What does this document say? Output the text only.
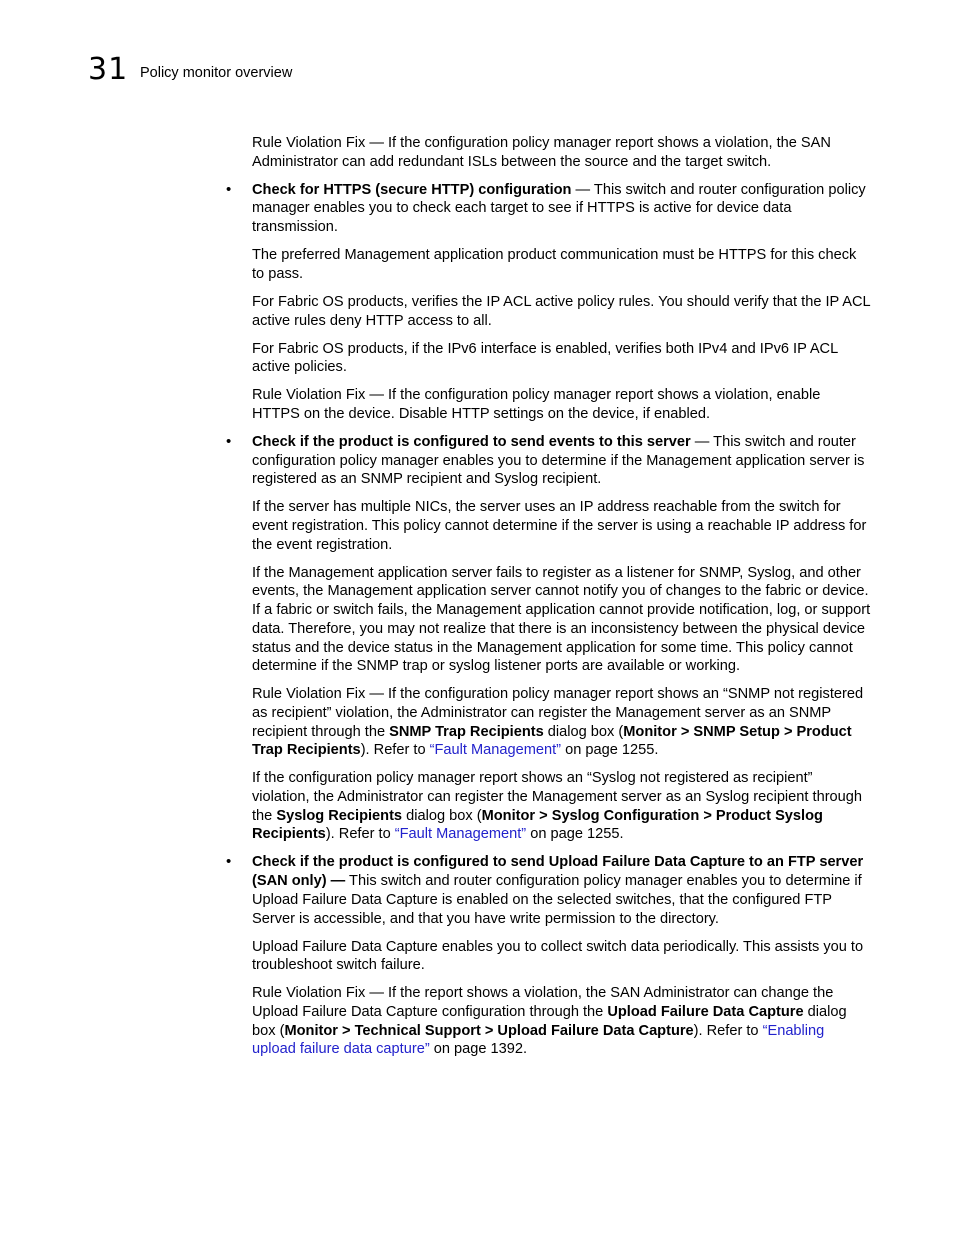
31 Policy monitor overview

Rule Violation Fix — If the configuration policy manager report shows a violation, the SAN Administrator can add redundant ISLs between the source and the target switch.

• Check for HTTPS (secure HTTP) configuration — This switch and router configuration policy manager enables you to check each target to see if HTTPS is active for device data transmission.

The preferred Management application product communication must be HTTPS for this check to pass.

For Fabric OS products, verifies the IP ACL active policy rules. You should verify that the IP ACL active rules deny HTTP access to all.

For Fabric OS products, if the IPv6 interface is enabled, verifies both IPv4 and IPv6 IP ACL active policies.

Rule Violation Fix — If the configuration policy manager report shows a violation, enable HTTPS on the device. Disable HTTP settings on the device, if enabled.

• Check if the product is configured to send events to this server — This switch and router configuration policy manager enables you to determine if the Management application server is registered as an SNMP recipient and Syslog recipient.

If the server has multiple NICs, the server uses an IP address reachable from the switch for event registration. This policy cannot determine if the server is using a reachable IP address for the event registration.

If the Management application server fails to register as a listener for SNMP, Syslog, and other events, the Management application server cannot notify you of changes to the fabric or device. If a fabric or switch fails, the Management application cannot provide notification, log, or support data. Therefore, you may not realize that there is an inconsistency between the physical device status and the device status in the Management application for some time. This policy cannot determine if the SNMP trap or syslog listener ports are available or working.

Rule Violation Fix — If the configuration policy manager report shows an “SNMP not registered as recipient” violation, the Administrator can register the Management server as an SNMP recipient through the SNMP Trap Recipients dialog box (Monitor > SNMP Setup > Product Trap Recipients). Refer to “Fault Management” on page 1255.

If the configuration policy manager report shows an “Syslog not registered as recipient” violation, the Administrator can register the Management server as an Syslog recipient through the Syslog Recipients dialog box (Monitor > Syslog Configuration > Product Syslog Recipients). Refer to “Fault Management” on page 1255.

• Check if the product is configured to send Upload Failure Data Capture to an FTP server (SAN only) — This switch and router configuration policy manager enables you to determine if Upload Failure Data Capture is enabled on the selected switches, that the configured FTP Server is accessible, and that you have write permission to the directory.

Upload Failure Data Capture enables you to collect switch data periodically. This assists you to troubleshoot switch failure.

Rule Violation Fix — If the report shows a violation, the SAN Administrator can change the Upload Failure Data Capture configuration through the Upload Failure Data Capture dialog box (Monitor > Technical Support > Upload Failure Data Capture). Refer to “Enabling upload failure data capture” on page 1392.
